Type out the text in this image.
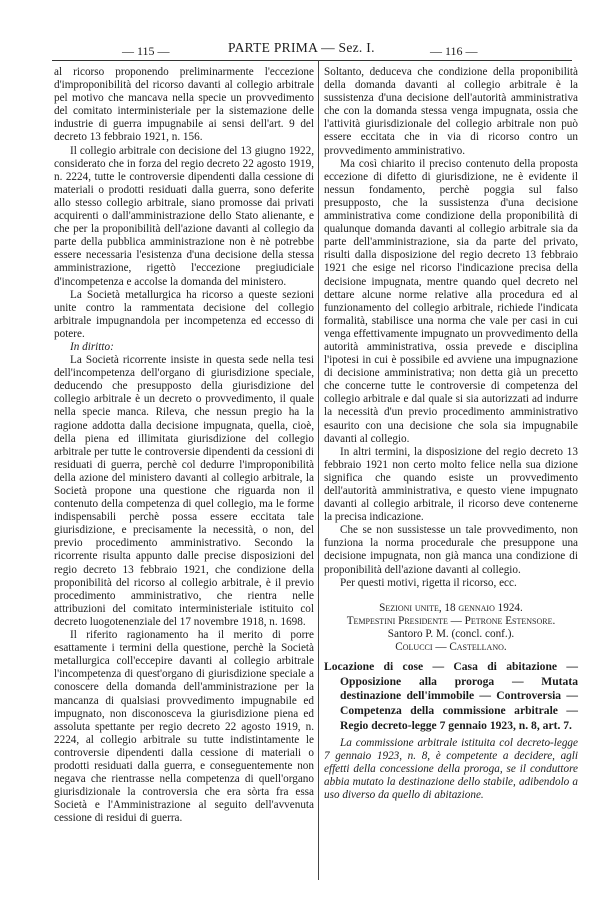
— 115 —	PARTE PRIMA — Sez. I.	— 116 —

al ricorso proponendo preliminarmente l'eccezione d'improponibilità del ricorso davanti al collegio arbitrale pel motivo che mancava nella specie un provvedimento del comitato interministeriale per la sistemazione delle industrie di guerra impugnabile ai sensi dell'art. 9 del decreto 13 febbraio 1921, n. 156.

Il collegio arbitrale con decisione del 13 giugno 1922, considerato che in forza del regio decreto 22 agosto 1919, n. 2224, tutte le controversie dipendenti dalla cessione di materiali o prodotti residuati dalla guerra, sono deferite allo stesso collegio arbitrale, siano promosse dai privati acquirenti o dall'amministrazione dello Stato alienante, e che per la proponibilità dell'azione davanti al collegio da parte della pubblica amministrazione non è nè potrebbe essere necessaria l'esistenza d'una decisione della stessa amministrazione, rigettò l'eccezione pregiudiciale d'incompetenza e accolse la domanda del ministero.

La Società metallurgica ha ricorso a queste sezioni unite contro la rammentata decisione del collegio arbitrale impugnandola per incompetenza ed eccesso di potere.

In diritto:

La Società ricorrente insiste in questa sede nella tesi dell'incompetenza dell'organo di giurisdizione speciale, deducendo che presupposto della giurisdizione del collegio arbitrale è un decreto o provvedimento, il quale nella specie manca. Rileva, che nessun pregio ha la ragione addotta dalla decisione impugnata, quella, cioè, della piena ed illimitata giurisdizione del collegio arbitrale per tutte le controversie dipendenti da cessioni di residuati di guerra, perchè col dedurre l'improponibilità della azione del ministero davanti al collegio arbitrale, la Società propone una questione che riguarda non il contenuto della competenza di quel collegio, ma le forme indispensabili perchè possa essere eccitata tale giurisdizione, e precisamente la necessità, o non, del previo procedimento amministrativo. Secondo la ricorrente risulta appunto dalle precise disposizioni del regio decreto 13 febbraio 1921, che condizione della proponibilità del ricorso al collegio arbitrale, è il previo procedimento amministrativo, che rientra nelle attribuzioni del comitato interministeriale istituito col decreto luogotenenziale del 17 novembre 1918, n. 1698.

Il riferito ragionamento ha il merito di porre esattamente i termini della questione, perchè la Società metallurgica coll'eccepire davanti al collegio arbitrale l'incompetenza di quest'organo di giurisdizione speciale a conoscere della domanda dell'amministrazione per la mancanza di qualsiasi provvedimento impugnabile ed impugnato, non disconosceva la giurisdizione piena ed assoluta spettante per regio decreto 22 agosto 1919, n. 2224, al collegio arbitrale su tutte indistintamente le controversie dipendenti dalla cessione di materiali o prodotti residuati dalla guerra, e conseguentemente non negava che rientrasse nella competenza di quell'organo giurisdizionale la controversia che era sòrta fra essa Società e l'Amministrazione al seguito dell'avvenuta cessione di residui di guerra.

Soltanto, deduceva che condizione della proponibilità della domanda davanti al collegio arbitrale è la sussistenza d'una decisione dell'autorità amministrativa che con la domanda stessa venga impugnata, ossia che l'attività giurisdizionale del collegio arbitrale non può essere eccitata che in via di ricorso contro un provvedimento amministrativo.

Ma così chiarito il preciso contenuto della proposta eccezione di difetto di giurisdizione, ne è evidente il nessun fondamento, perchè poggia sul falso presupposto, che la sussistenza d'una decisione amministrativa come condizione della proponibilità di qualunque domanda davanti al collegio arbitrale sia da parte dell'amministrazione, sia da parte del privato, risulti dalla disposizione del regio decreto 13 febbraio 1921 che esige nel ricorso l'indicazione precisa della decisione impugnata, mentre quando quel decreto nel dettare alcune norme relative alla procedura ed al funzionamento del collegio arbitrale, richiede l'indicata formalità, stabilisce una norma che vale per casi in cui venga effettivamente impugnato un provvedimento della autorità amministrativa, ossia prevede e disciplina l'ipotesi in cui è possibile ed avviene una impugnazione di decisione amministrativa; non detta già un precetto che concerne tutte le controversie di competenza del collegio arbitrale e dal quale si sia autorizzati ad indurre la necessità d'un previo procedimento amministrativo esaurito con una decisione che sola sia impugnabile davanti al collegio.

In altri termini, la disposizione del regio decreto 13 febbraio 1921 non certo molto felice nella sua dizione significa che quando esiste un provvedimento dell'autorità amministrativa, e questo viene impugnato davanti al collegio arbitrale, il ricorso deve contenerne la precisa indicazione.

Che se non sussistesse un tale provvedimento, non funziona la norma procedurale che presuppone una decisione impugnata, non già manca una condizione di proponibilità dell'azione davanti al collegio.

Per questi motivi, rigetta il ricorso, ecc.

Sezioni unite, 18 gennaio 1924.

Tempestini Presidente — Petrone Estensore.

Santoro P. M. (concl. conf.).

Colucci — Castellano.

Locazione di cose — Casa di abitazione — Opposizione alla proroga — Mutata destinazione dell'immobile — Controversia — Competenza della commissione arbitrale — Regio decreto-legge 7 gennaio 1923, n. 8, art. 7.

La commissione arbitrale istituita col decreto-legge 7 gennaio 1923, n. 8, è competente a decidere, agli effetti della concessione della proroga, se il conduttore abbia mutato la destinazione dello stabile, adibendolo a uso diverso da quello di abitazione.
